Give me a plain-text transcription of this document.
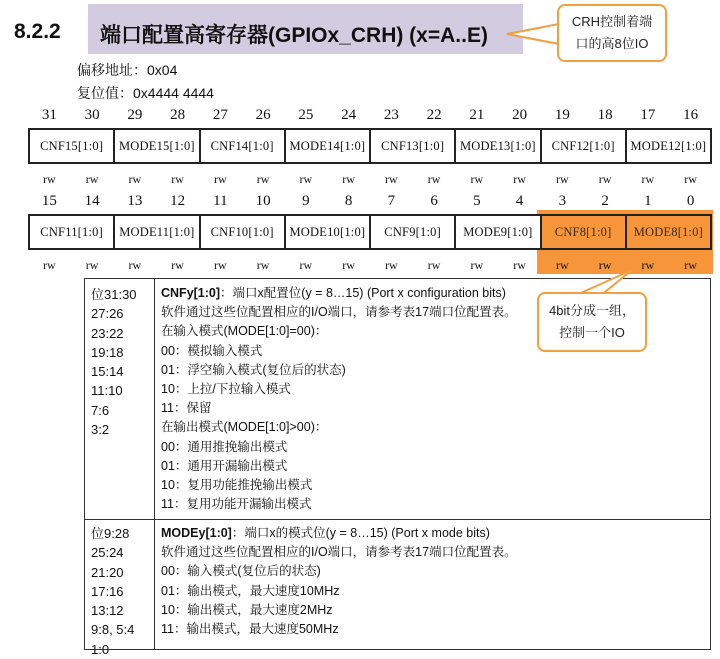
8.2.2 端口配置高寄存器(GPIOx_CRH) (x=A..E)
偏移地址：0x04
复位值：0x4444 4444
CRH控制着端
口的高8位IO
31	30	29	28	27	26	25	24	23	22	21	20	19	18	17	16
CNF15[1:0]	MODE15[1:0]	CNF14[1:0]	MODE14[1:0]	CNF13[1:0]	MODE13[1:0]	CNF12[1:0]	MODE12[1:0]
rw	rw	rw	rw	rw	rw	rw	rw	rw	rw	rw	rw	rw	rw	rw	rw
15	14	13	12	11	10	9	8	7	6	5	4	3	2	1	0
CNF11[1:0]	MODE11[1:0]	CNF10[1:0]	MODE10[1:0]	CNF9[1:0]	MODE9[1:0]	CNF8[1:0]	MODE8[1:0]
rw	rw	rw	rw	rw	rw	rw	rw	rw	rw	rw	rw	rw	rw	rw	rw
位31:30
27:26
23:22
19:18
15:14
11:10
7:6
3:2
CNFy[1:0]：端口x配置位(y = 8…15) (Port x configuration bits)
软件通过这些位配置相应的I/O端口，请参考表17端口位配置表。
在输入模式(MODE[1:0]=00)：
00：模拟输入模式
01：浮空输入模式(复位后的状态)
10：上拉/下拉输入模式
11：保留
在输出模式(MODE[1:0]>00)：
00：通用推挽输出模式
01：通用开漏输出模式
10：复用功能推挽输出模式
11：复用功能开漏输出模式
位9:28
25:24
21:20
17:16
13:12
9:8, 5:4
1:0
MODEy[1:0]：端口x的模式位(y = 8…15) (Port x mode bits)
软件通过这些位配置相应的I/O端口，请参考表17端口位配置表。
00：输入模式(复位后的状态)
01：输出模式，最大速度10MHz
10：输出模式，最大速度2MHz
11：输出模式，最大速度50MHz
4bit分成一组，
控制一个IO
